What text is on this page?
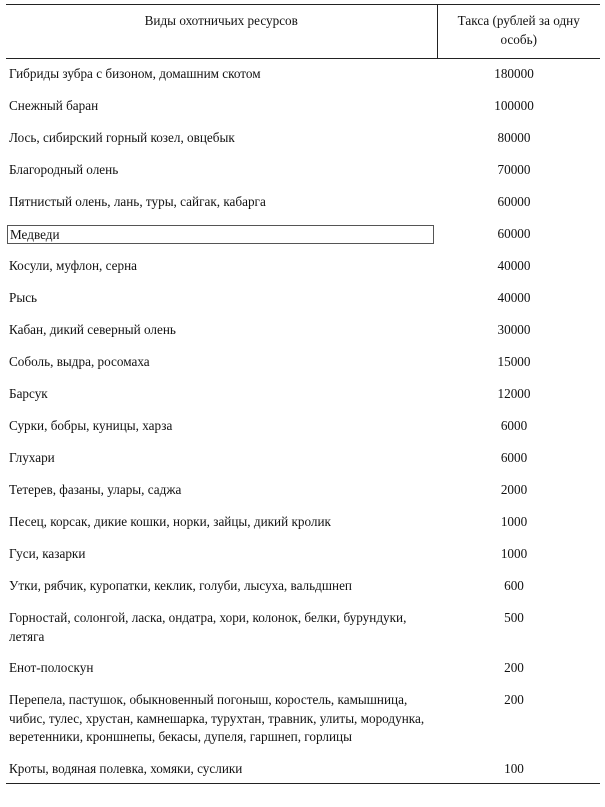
Виды охотничьих ресурсов	Такса (рублей за одну особь)
Гибриды зубра с бизоном, домашним скотом	180000
Снежный баран	100000
Лось, сибирский горный козел, овцебык	80000
Благородный олень	70000
Пятнистый олень, лань, туры, сайгак, кабарга	60000

Медведи	60000
Косули, муфлон, серна	40000
Рысь	40000
Кабан, дикий северный олень	30000
Соболь, выдра, росомаха	15000
Барсук	12000
Сурки, бобры, куницы, харза	6000
Глухари	6000
Тетерев, фазаны, улары, саджа	2000
Песец, корсак, дикие кошки, норки, зайцы, дикий кролик	1000
Гуси, казарки	1000
Утки, рябчик, куропатки, кеклик, голуби, лысуха, вальдшнеп	600
Горностай, солонгой, ласка, ондатра, хори, колонок, белки, бурундуки, летяга	500
Енот-полоскун	200
Перепела, пастушок, обыкновенный погоныш, коростель, камышница, чибис, тулес, хрустан, камнешарка, турухтан, травник, улиты, мородунка, веретенники, кроншнепы, бекасы, дупеля, гаршнеп, горлицы	200
Кроты, водяная полевка, хомяки, суслики	100
